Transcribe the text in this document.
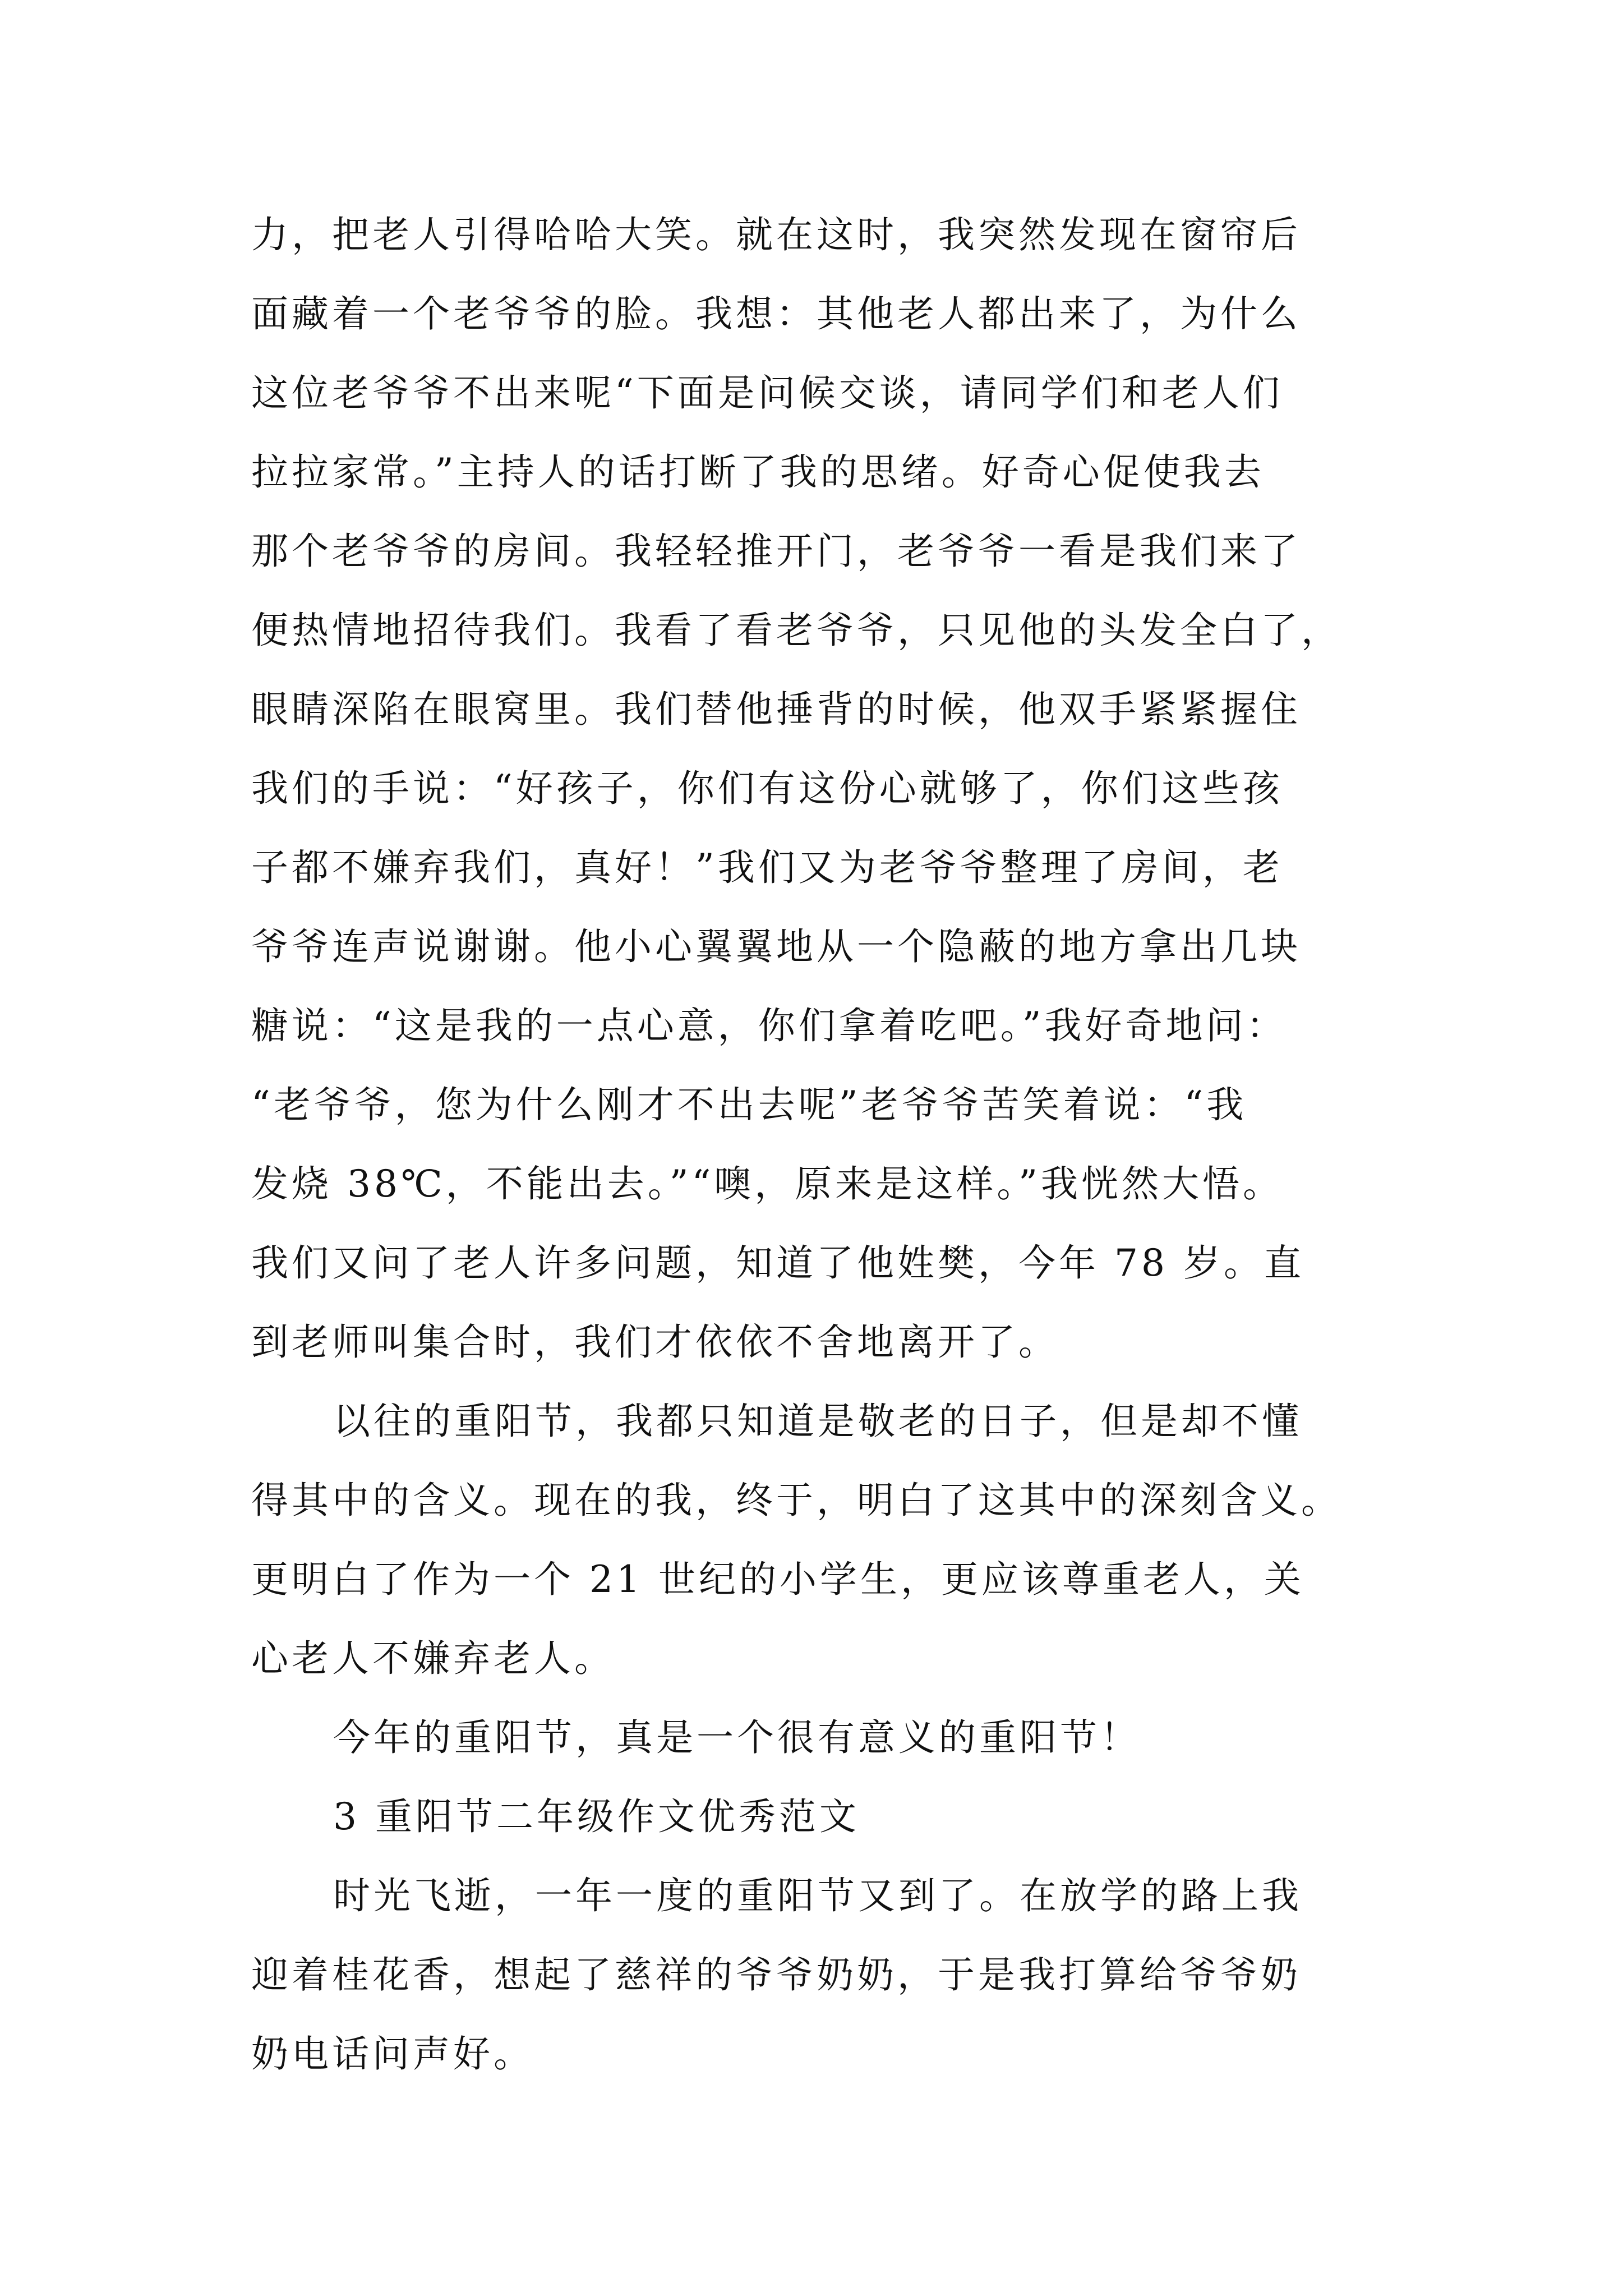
力，把老人引得哈哈大笑。就在这时，我突然发现在窗帘后
面藏着一个老爷爷的脸。我想：其他老人都出来了，为什么
这位老爷爷不出来呢“下面是问候交谈，请同学们和老人们
拉拉家常。”主持人的话打断了我的思绪。好奇心促使我去
那个老爷爷的房间。我轻轻推开门，老爷爷一看是我们来了
便热情地招待我们。我看了看老爷爷，只见他的头发全白了，
眼睛深陷在眼窝里。我们替他捶背的时候，他双手紧紧握住
我们的手说：“好孩子，你们有这份心就够了，你们这些孩
子都不嫌弃我们，真好！”我们又为老爷爷整理了房间，老
爷爷连声说谢谢。他小心翼翼地从一个隐蔽的地方拿出几块
糖说：“这是我的一点心意，你们拿着吃吧。”我好奇地问：
“老爷爷，您为什么刚才不出去呢”老爷爷苦笑着说：“我
发烧 38℃，不能出去。”“噢，原来是这样。”我恍然大悟。
我们又问了老人许多问题，知道了他姓樊，今年 78 岁。直
到老师叫集合时，我们才依依不舍地离开了。
以往的重阳节，我都只知道是敬老的日子，但是却不懂
得其中的含义。现在的我，终于，明白了这其中的深刻含义。
更明白了作为一个 21 世纪的小学生，更应该尊重老人，关
心老人不嫌弃老人。
今年的重阳节，真是一个很有意义的重阳节！
3 重阳节二年级作文优秀范文
时光飞逝，一年一度的重阳节又到了。在放学的路上我
迎着桂花香，想起了慈祥的爷爷奶奶，于是我打算给爷爷奶
奶电话问声好。
